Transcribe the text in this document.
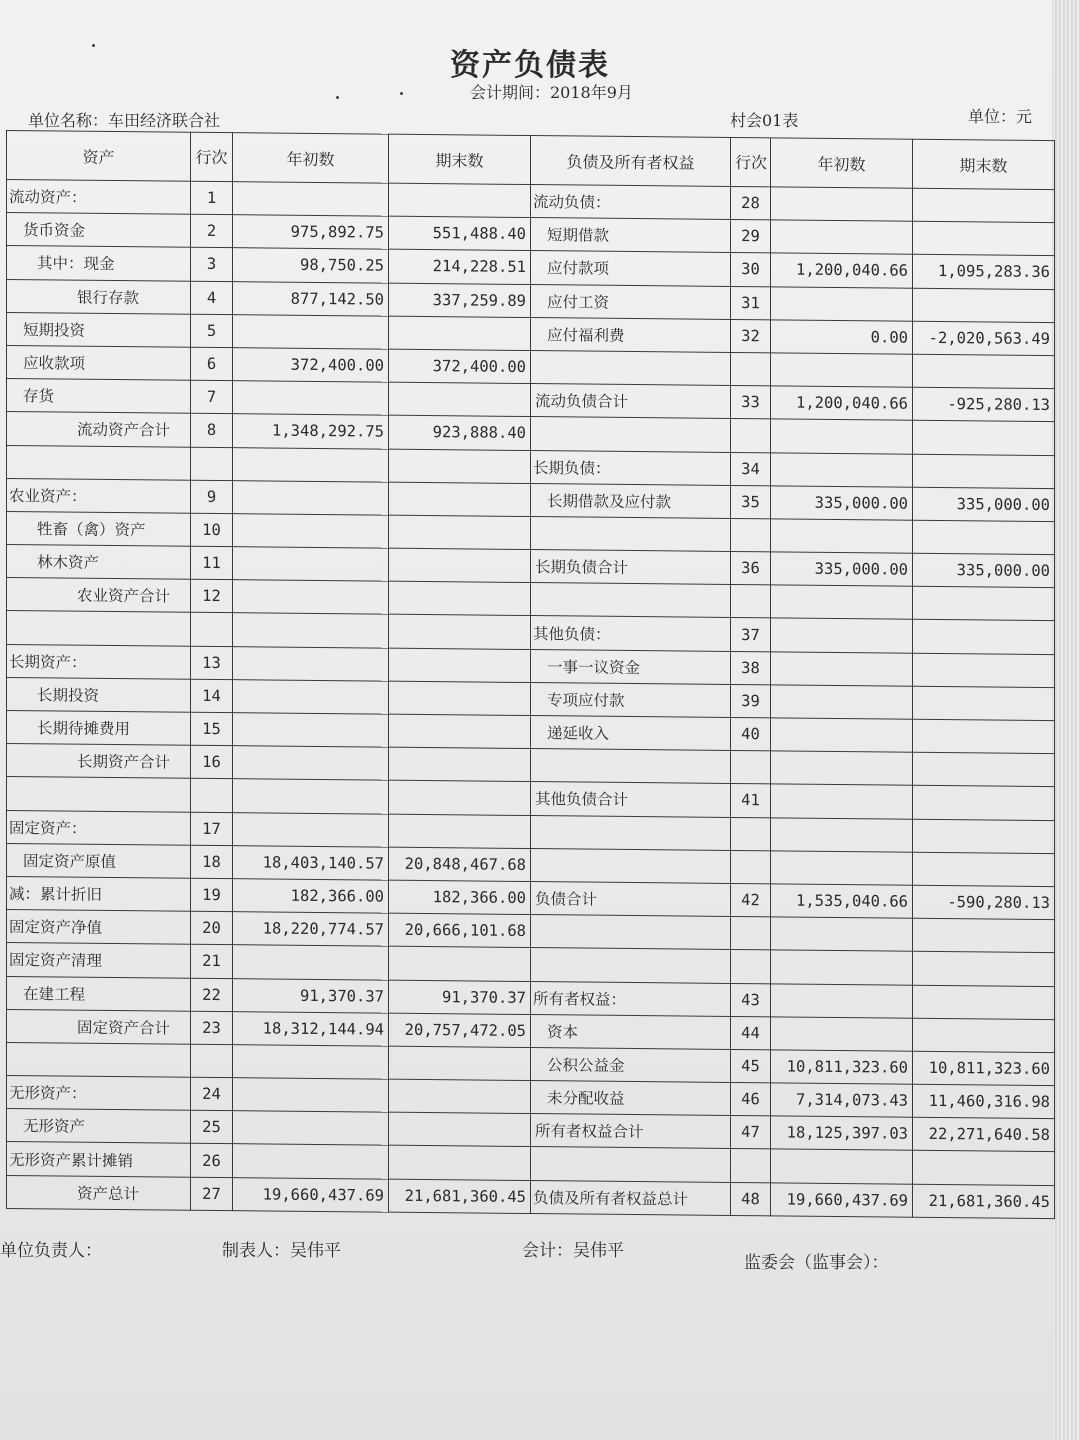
资产负债表
会计期间：2018年9月
单位名称：车田经济联合社	村会01表	单位：元
资产	行次	年初数	期末数	负债及所有者权益	行次	年初数	期末数
流动资产：	1			流动负债：	28		
货币资金	2	975,892.75	551,488.40	短期借款	29		
其中：现金	3	98,750.25	214,228.51	应付款项	30	1,200,040.66	1,095,283.36
银行存款	4	877,142.50	337,259.89	应付工资	31		
短期投资	5			应付福利费	32	0.00	-2,020,563.49
应收款项	6	372,400.00	372,400.00				
存货	7			流动负债合计	33	1,200,040.66	-925,280.13
流动资产合计	8	1,348,292.75	923,888.40				
				长期负债：	34		
农业资产：	9			长期借款及应付款	35	335,000.00	335,000.00
牲畜（禽）资产	10						
林木资产	11			长期负债合计	36	335,000.00	335,000.00
农业资产合计	12						
				其他负债：	37		
长期资产：	13			一事一议资金	38		
长期投资	14			专项应付款	39		
长期待摊费用	15			递延收入	40		
长期资产合计	16						
				其他负债合计	41		
固定资产：	17						
固定资产原值	18	18,403,140.57	20,848,467.68				
减：累计折旧	19	182,366.00	182,366.00	负债合计	42	1,535,040.66	-590,280.13
固定资产净值	20	18,220,774.57	20,666,101.68				
固定资产清理	21						
在建工程	22	91,370.37	91,370.37	所有者权益：	43		
固定资产合计	23	18,312,144.94	20,757,472.05	资本	44		
				公积公益金	45	10,811,323.60	10,811,323.60
无形资产：	24			未分配收益	46	7,314,073.43	11,460,316.98
无形资产	25			所有者权益合计	47	18,125,397.03	22,271,640.58
无形资产累计摊销	26						
资产总计	27	19,660,437.69	21,681,360.45	负债及所有者权益总计	48	19,660,437.69	21,681,360.45
单位负责人：	制表人：吴伟平	会计：吴伟平
监委会（监事会）：
